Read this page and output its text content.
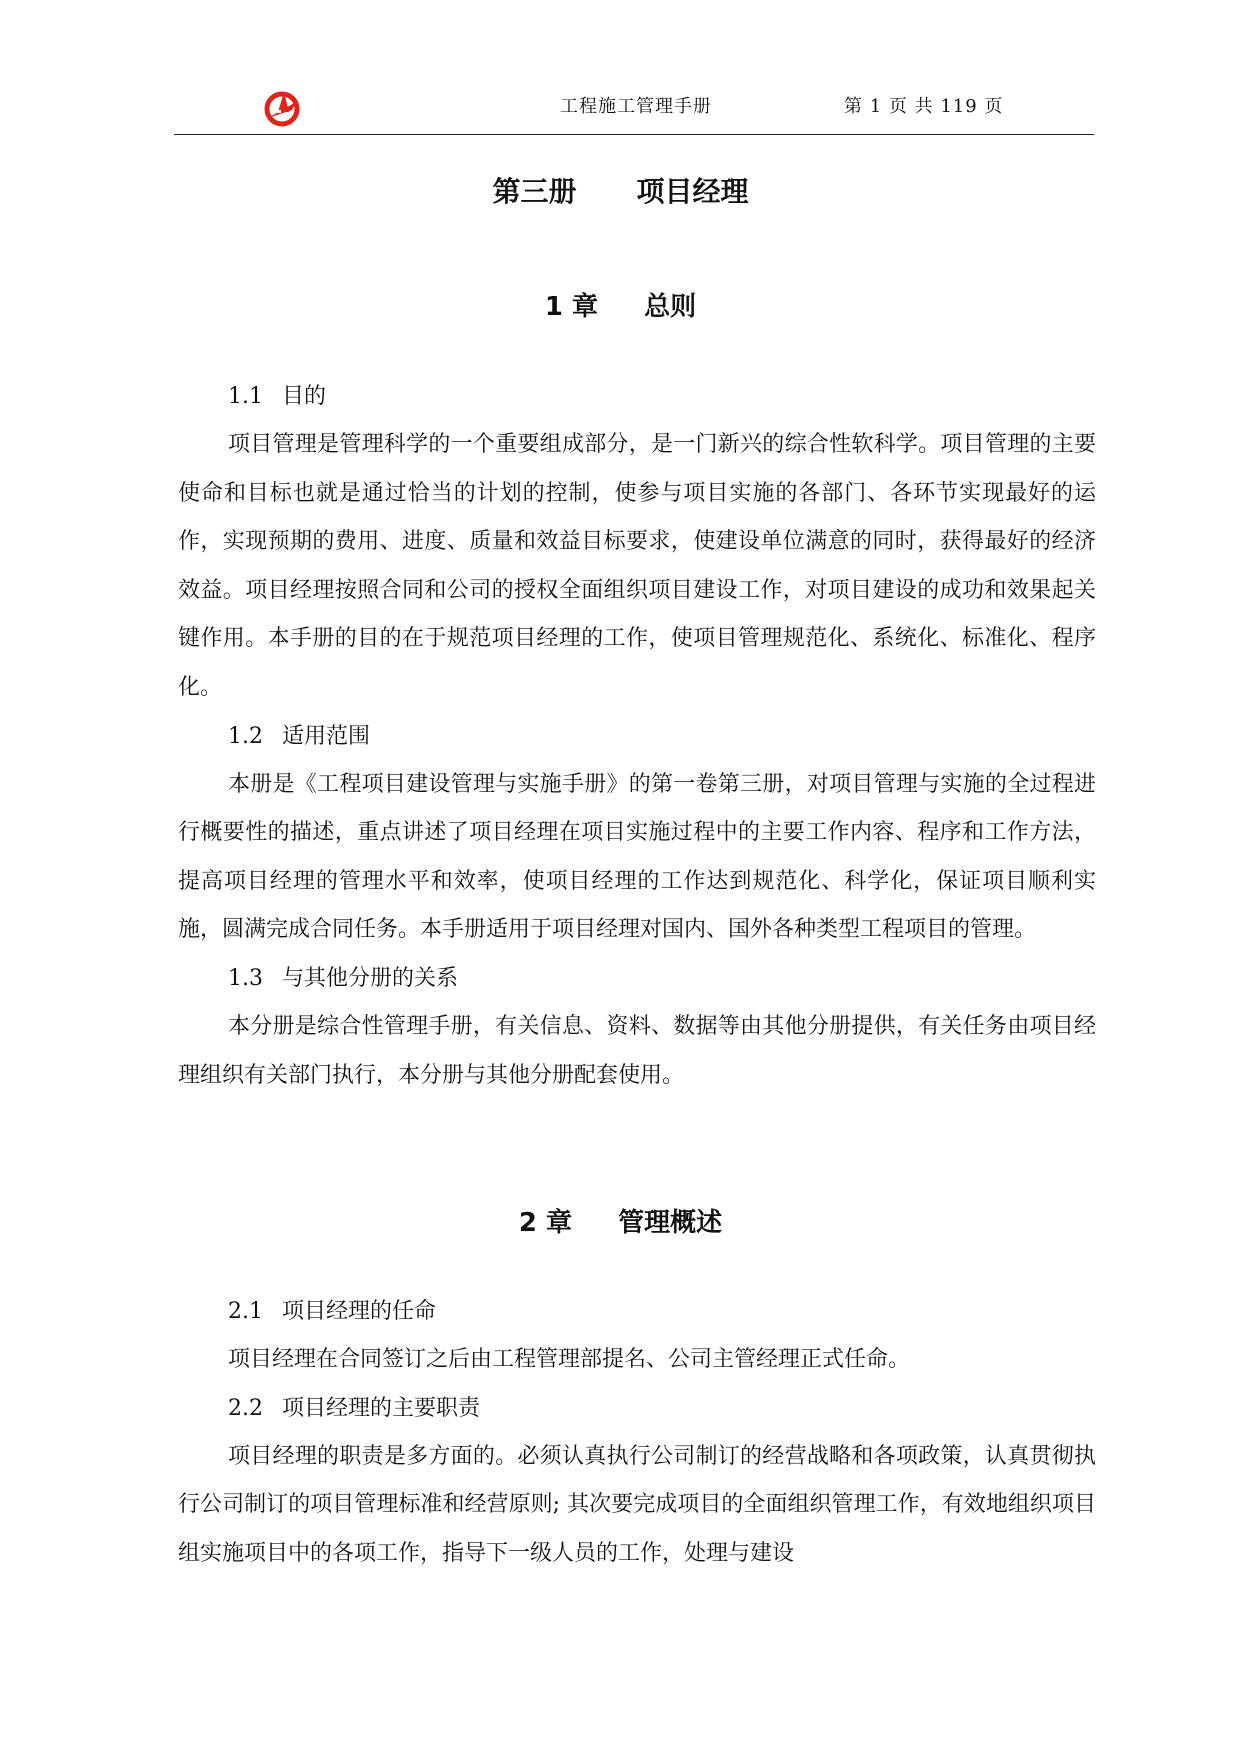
工程施工管理手册	第 1 页 共 119 页
第三册 项目经理
1 章 总则
1.1 目的

项目管理是管理科学的一个重要组成部分，是一门新兴的综合性软科学。项目管理的主要使命和目标也就是通过恰当的计划的控制，使参与项目实施的各部门、各环节实现最好的运作，实现预期的费用、进度、质量和效益目标要求，使建设单位满意的同时，获得最好的经济效益。项目经理按照合同和公司的授权全面组织项目建设工作，对项目建设的成功和效果起关键作用。本手册的目的在于规范项目经理的工作，使项目管理规范化、系统化、标准化、程序化。

1.2 适用范围

本册是《工程项目建设管理与实施手册》的第一卷第三册，对项目管理与实施的全过程进行概要性的描述，重点讲述了项目经理在项目实施过程中的主要工作内容、程序和工作方法，提高项目经理的管理水平和效率，使项目经理的工作达到规范化、科学化，保证项目顺利实施，圆满完成合同任务。本手册适用于项目经理对国内、国外各种类型工程项目的管理。

1.3 与其他分册的关系

本分册是综合性管理手册，有关信息、资料、数据等由其他分册提供，有关任务由项目经理组织有关部门执行，本分册与其他分册配套使用。

2 章 管理概述
2.1 项目经理的任命

项目经理在合同签订之后由工程管理部提名、公司主管经理正式任命。

2.2 项目经理的主要职责

项目经理的职责是多方面的。必须认真执行公司制订的经营战略和各项政策，认真贯彻执行公司制订的项目管理标准和经营原则; 其次要完成项目的全面组织管理工作，有效地组织项目组实施项目中的各项工作，指导下一级人员的工作，处理与建设
